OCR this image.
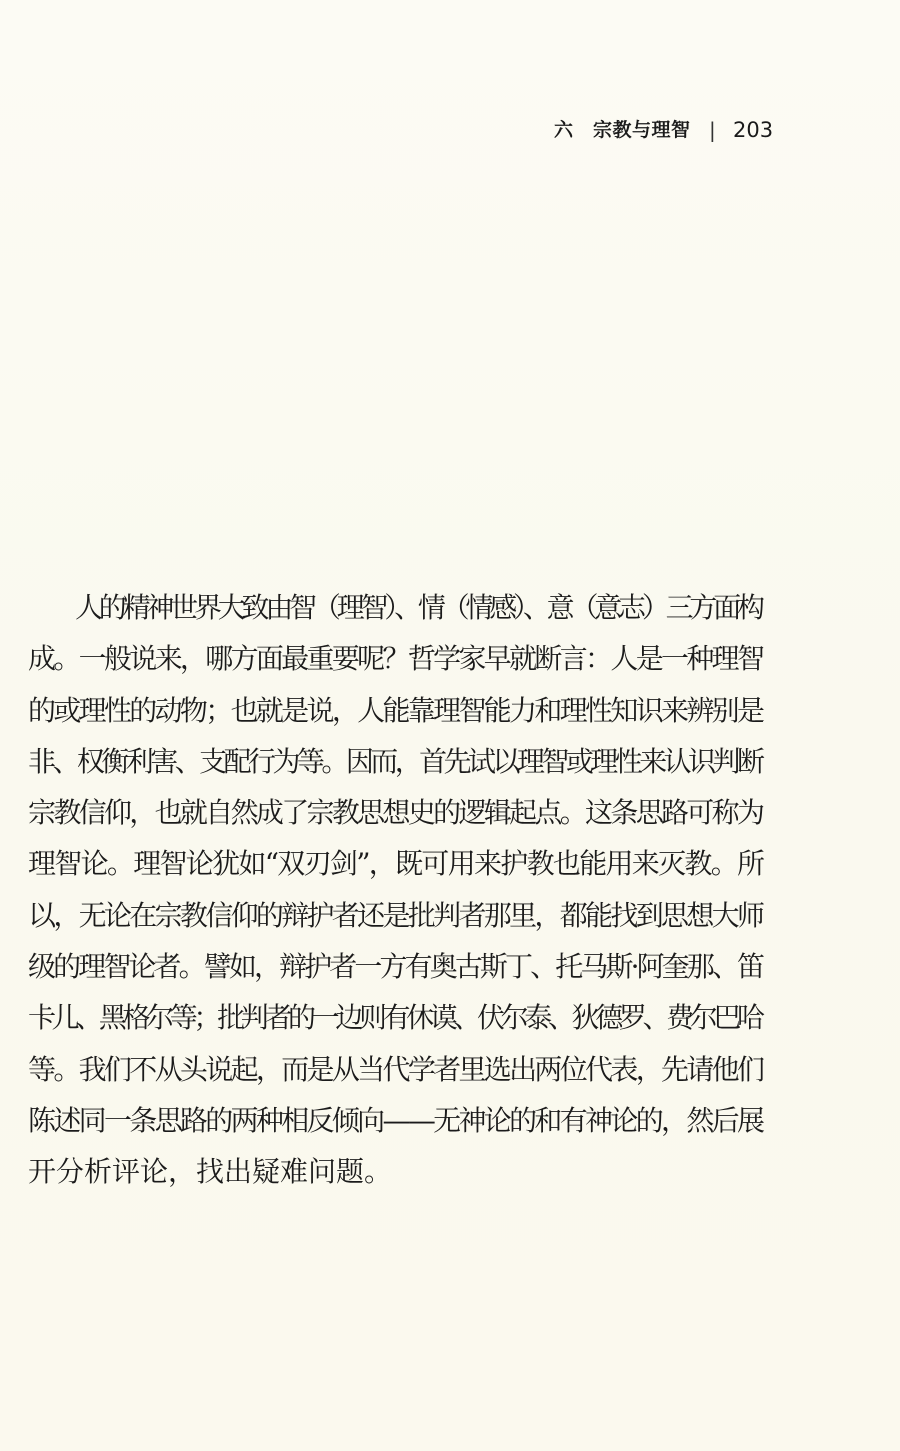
六 宗教与理智 | 203
人的精神世界大致由智（理智）、情（情感）、意（意志）三方面构
成。一般说来，哪方面最重要呢？哲学家早就断言：人是一种理智
的或理性的动物；也就是说，人能靠理智能力和理性知识来辨别是
非、权衡利害、支配行为等。因而，首先试以理智或理性来认识判断
宗教信仰，也就自然成了宗教思想史的逻辑起点。这条思路可称为
理智论。理智论犹如“双刃剑”，既可用来护教也能用来灭教。所
以，无论在宗教信仰的辩护者还是批判者那里，都能找到思想大师
级的理智论者。譬如，辩护者一方有奥古斯丁、托马斯·阿奎那、笛
卡儿、黑格尔等；批判者的一边则有休谟、伏尔泰、狄德罗、费尔巴哈
等。我们不从头说起，而是从当代学者里选出两位代表，先请他们
陈述同一条思路的两种相反倾向——无神论的和有神论的，然后展
开分析评论，找出疑难问题。
